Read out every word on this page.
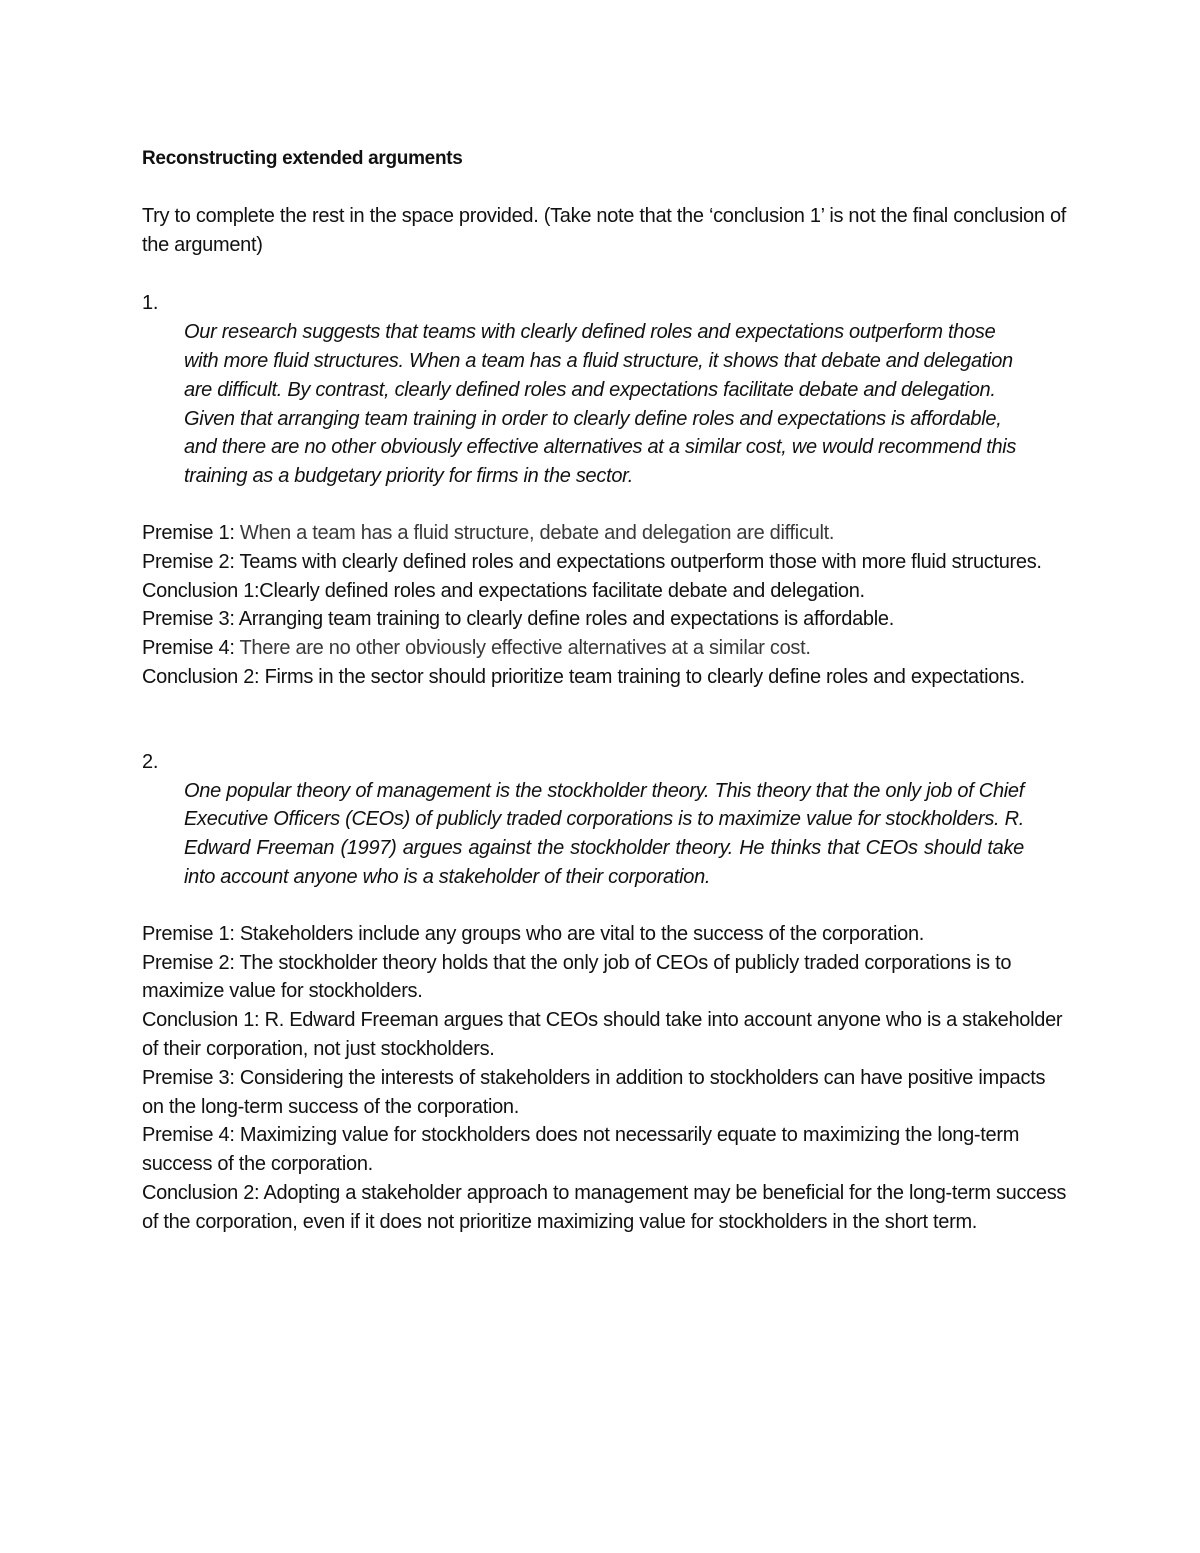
Reconstructing extended arguments

Try to complete the rest in the space provided. (Take note that the ‘conclusion 1’ is not the final conclusion of the argument)

1.

Our research suggests that teams with clearly defined roles and expectations outperform those with more fluid structures. When a team has a fluid structure, it shows that debate and delegation are difficult. By contrast, clearly defined roles and expectations facilitate debate and delegation. Given that arranging team training in order to clearly define roles and expectations is affordable, and there are no other obviously effective alternatives at a similar cost, we would recommend this training as a budgetary priority for firms in the sector.

Premise 1: When a team has a fluid structure, debate and delegation are difficult.

Premise 2: Teams with clearly defined roles and expectations outperform those with more fluid structures.

Conclusion 1:Clearly defined roles and expectations facilitate debate and delegation.

Premise 3: Arranging team training to clearly define roles and expectations is affordable.

Premise 4: There are no other obviously effective alternatives at a similar cost.

Conclusion 2: Firms in the sector should prioritize team training to clearly define roles and expectations.

2.

One popular theory of management is the stockholder theory. This theory that the only job of Chief Executive Officers (CEOs) of publicly traded corporations is to maximize value for stockholders. R. Edward Freeman (1997) argues against the stockholder theory. He thinks that CEOs should take into account anyone who is a stakeholder of their corporation.

Premise 1: Stakeholders include any groups who are vital to the success of the corporation.

Premise 2: The stockholder theory holds that the only job of CEOs of publicly traded corporations is to maximize value for stockholders.

Conclusion 1: R. Edward Freeman argues that CEOs should take into account anyone who is a stakeholder of their corporation, not just stockholders.

Premise 3: Considering the interests of stakeholders in addition to stockholders can have positive impacts on the long-term success of the corporation.

Premise 4: Maximizing value for stockholders does not necessarily equate to maximizing the long-term success of the corporation.

Conclusion 2: Adopting a stakeholder approach to management may be beneficial for the long-term success of the corporation, even if it does not prioritize maximizing value for stockholders in the short term.
